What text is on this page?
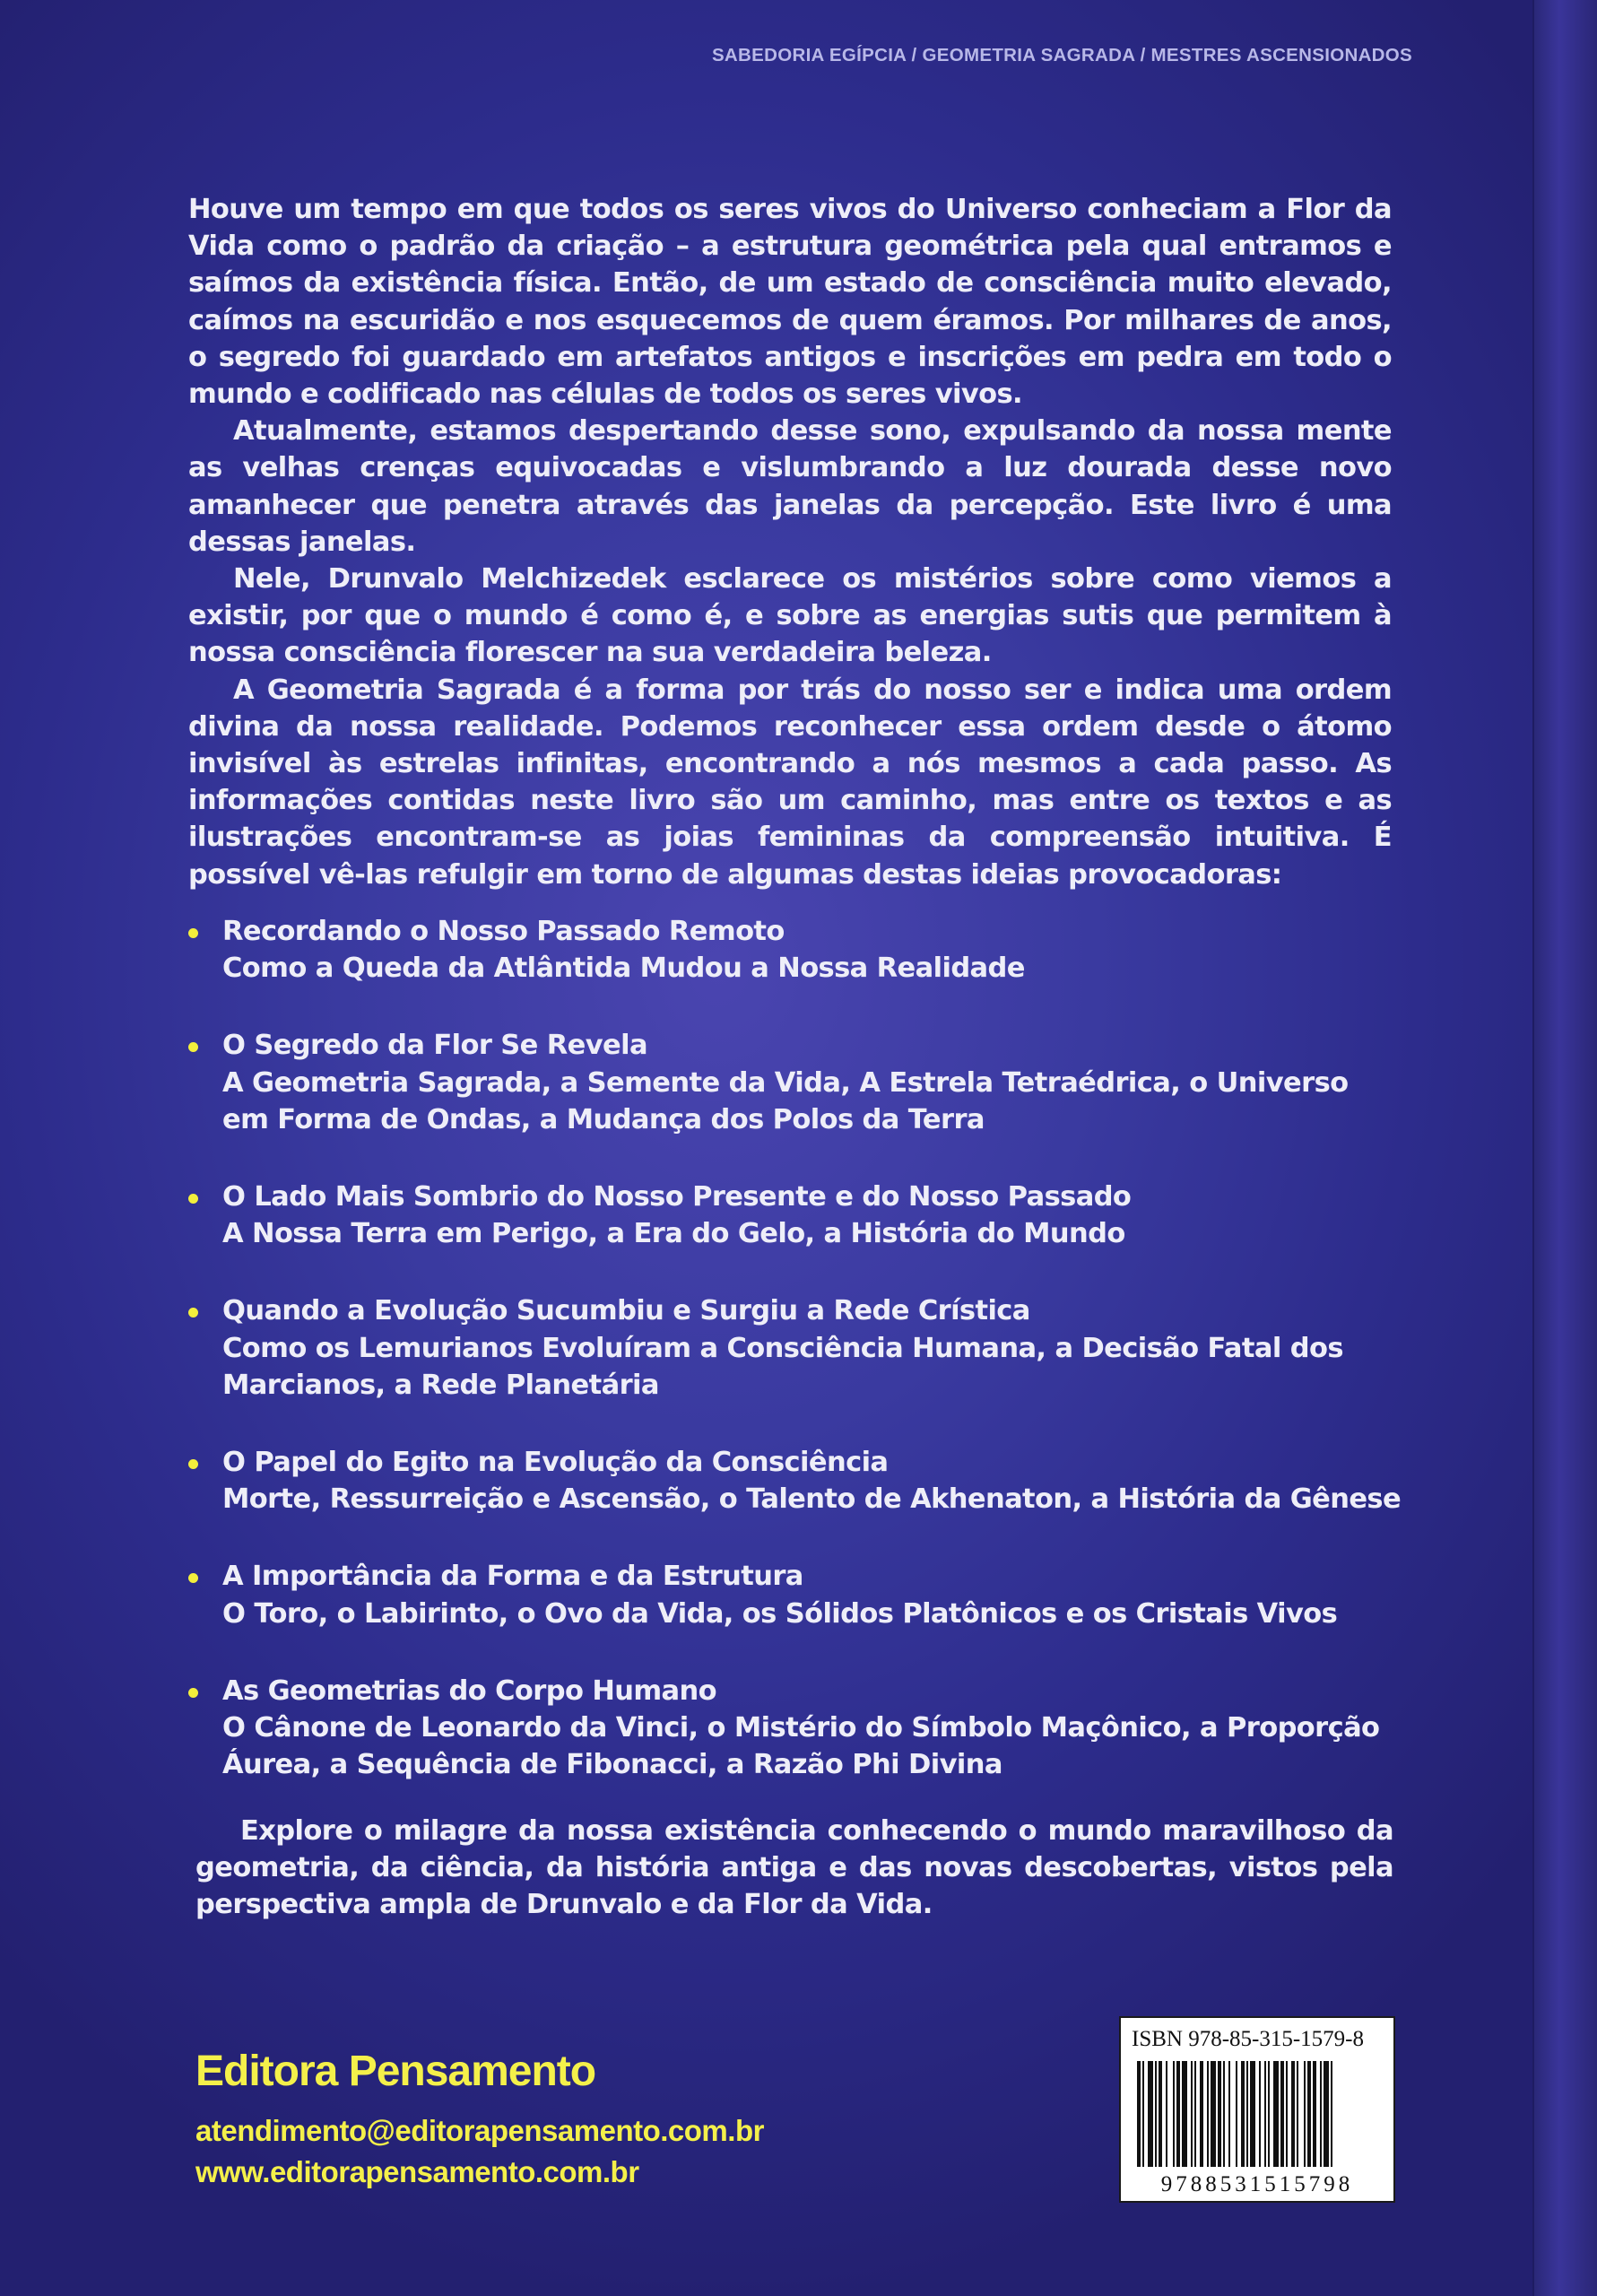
SABEDORIA EGÍPCIA / GEOMETRIA SAGRADA / MESTRES ASCENSIONADOS

Houve um tempo em que todos os seres vivos do Universo conheciam a Flor da Vida como o padrão da criação – a estrutura geométrica pela qual entramos e saímos da existência física. Então, de um estado de consciência muito elevado, caímos na escuridão e nos esquecemos de quem éramos. Por milhares de anos, o segredo foi guardado em artefatos antigos e inscrições em pedra em todo o mundo e codificado nas células de todos os seres vivos.

Atualmente, estamos despertando desse sono, expulsando da nossa mente as velhas crenças equivocadas e vislumbrando a luz dourada desse novo amanhecer que penetra através das janelas da percepção. Este livro é uma dessas janelas.

Nele, Drunvalo Melchizedek esclarece os mistérios sobre como viemos a existir, por que o mundo é como é, e sobre as energias sutis que permitem à nossa consciência florescer na sua verdadeira beleza.

A Geometria Sagrada é a forma por trás do nosso ser e indica uma ordem divina da nossa realidade. Podemos reconhecer essa ordem desde o átomo invisível às estrelas infinitas, encontrando a nós mesmos a cada passo. As informações contidas neste livro são um caminho, mas entre os textos e as ilustrações encontram-se as joias femininas da compreensão intuitiva. É possível vê-las refulgir em torno de algumas destas ideias provocadoras:

Recordando o Nosso Passado Remoto
Como a Queda da Atlântida Mudou a Nossa Realidade
O Segredo da Flor Se Revela
A Geometria Sagrada, a Semente da Vida, A Estrela Tetraédrica, o Universo
em Forma de Ondas, a Mudança dos Polos da Terra
O Lado Mais Sombrio do Nosso Presente e do Nosso Passado
A Nossa Terra em Perigo, a Era do Gelo, a História do Mundo
Quando a Evolução Sucumbiu e Surgiu a Rede Crística
Como os Lemurianos Evoluíram a Consciência Humana, a Decisão Fatal dos
Marcianos, a Rede Planetária
O Papel do Egito na Evolução da Consciência
Morte, Ressurreição e Ascensão, o Talento de Akhenaton, a História da Gênese
A Importância da Forma e da Estrutura
O Toro, o Labirinto, o Ovo da Vida, os Sólidos Platônicos e os Cristais Vivos
As Geometrias do Corpo Humano
O Cânone de Leonardo da Vinci, o Mistério do Símbolo Maçônico, a Proporção
Áurea, a Sequência de Fibonacci, a Razão Phi Divina

Explore o milagre da nossa existência conhecendo o mundo maravilhoso da geometria, da ciência, da história antiga e das novas descobertas, vistos pela perspectiva ampla de Drunvalo e da Flor da Vida.

Editora Pensamento
atendimento@editorapensamento.com.br
www.editorapensamento.com.br
ISBN 978-85-315-1579-8
9788531515798
